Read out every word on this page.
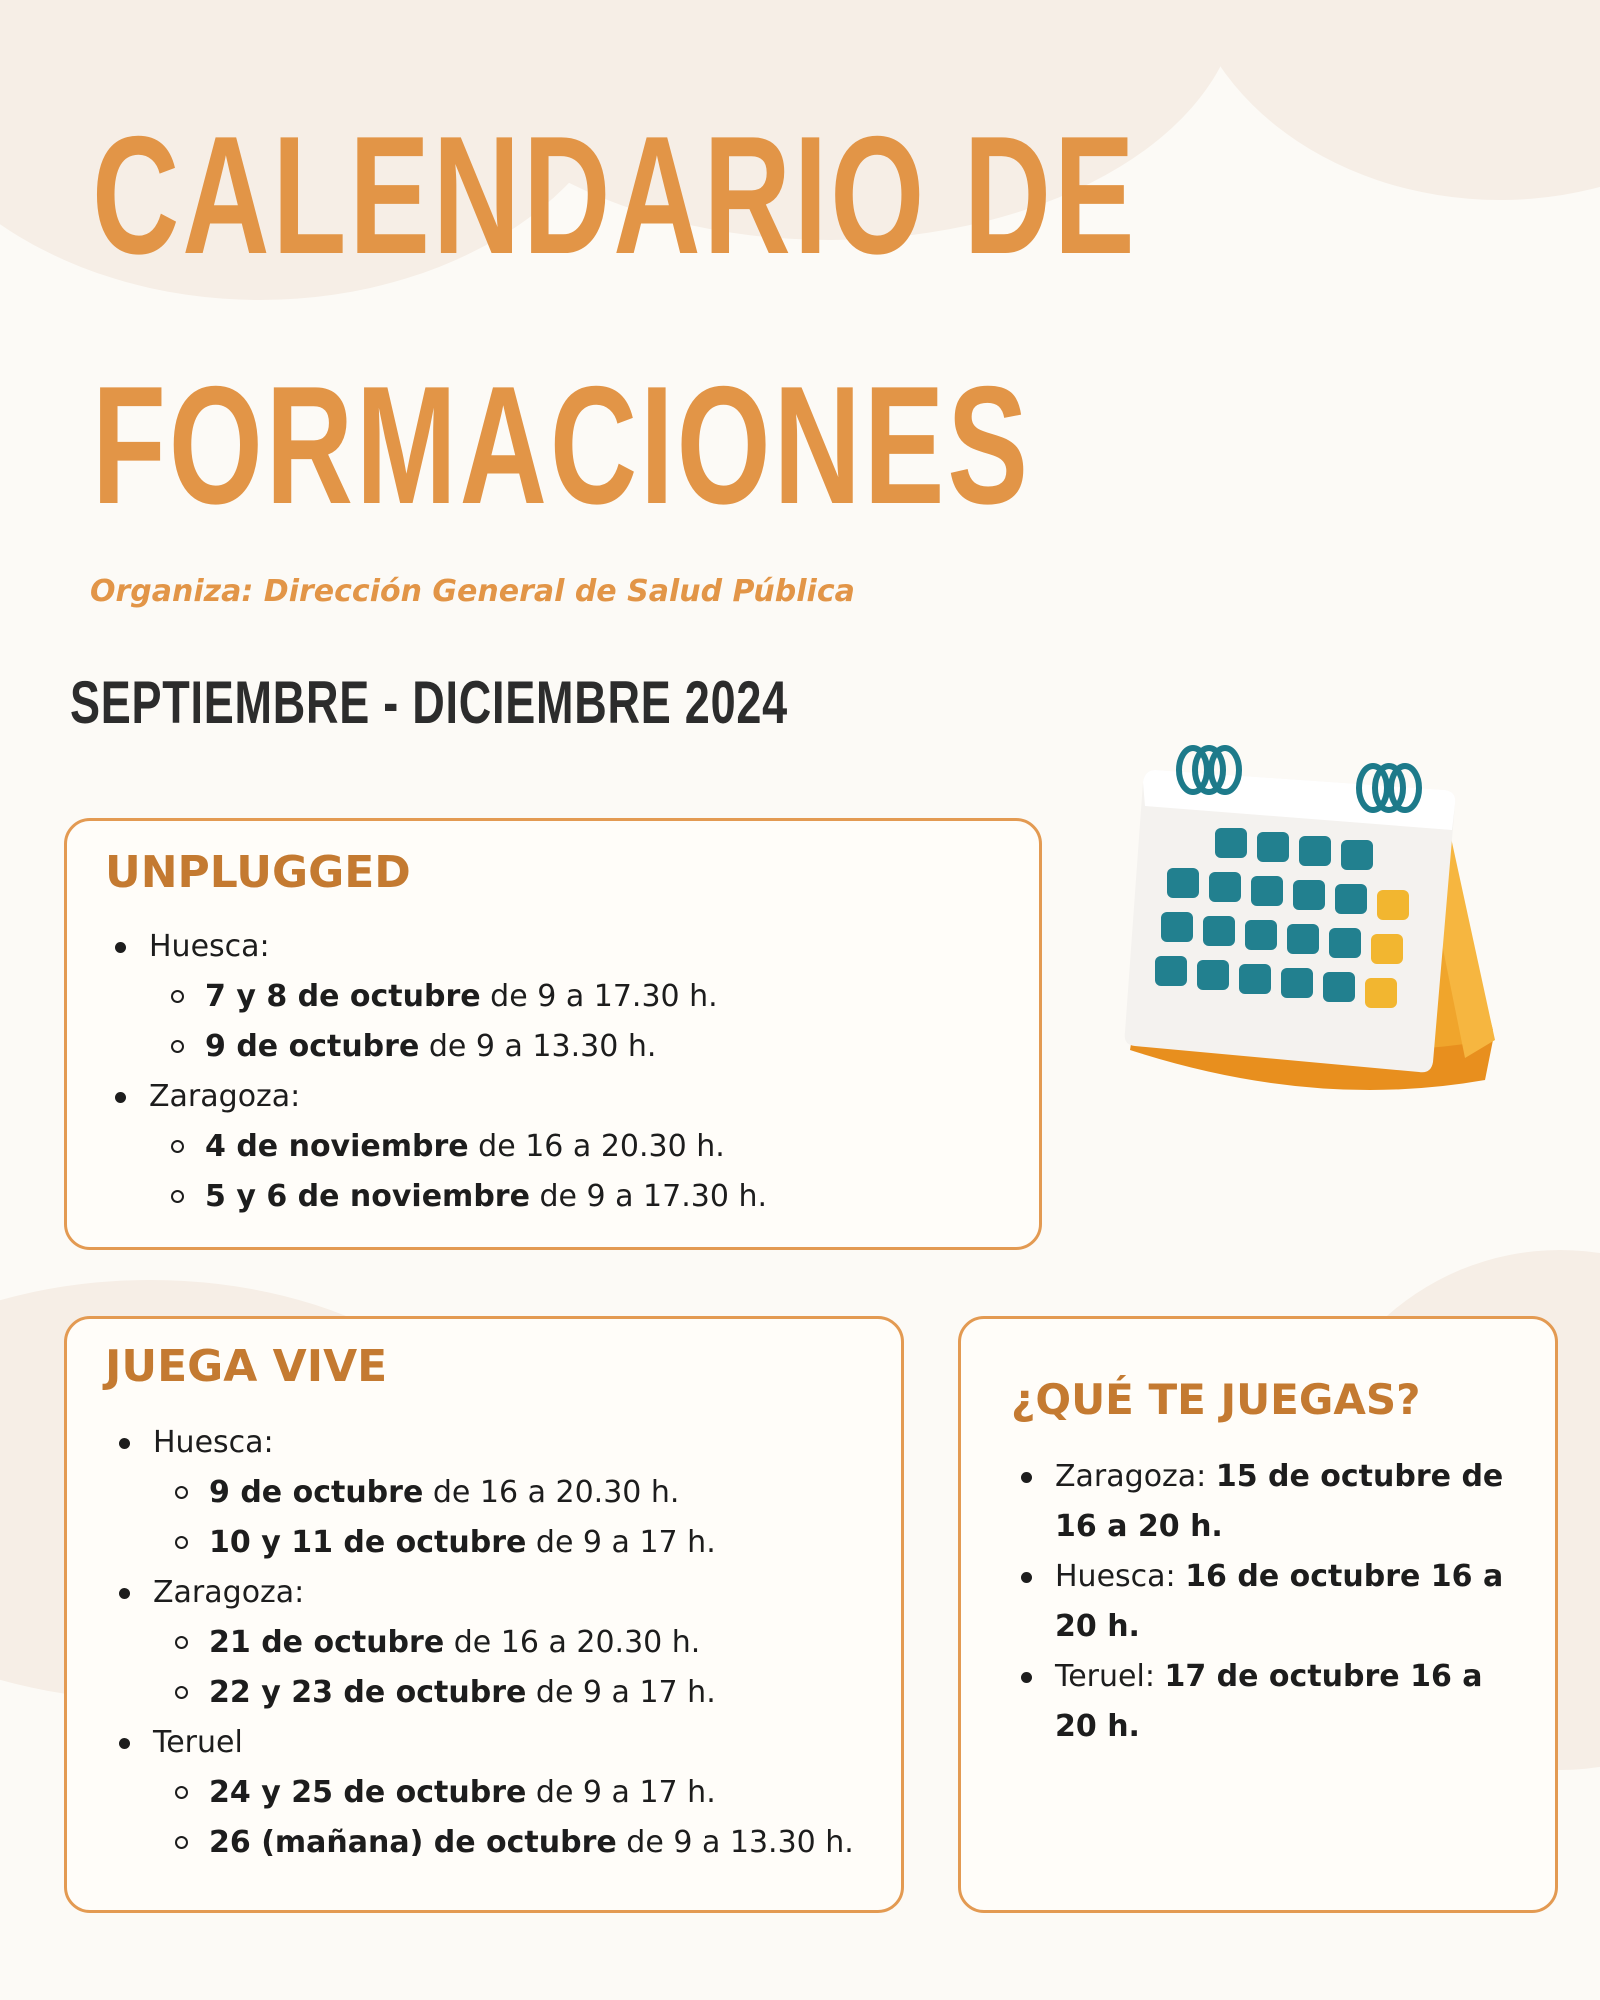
CALENDARIO DE
FORMACIONES
Organiza: Dirección General de Salud Pública
SEPTIEMBRE - DICIEMBRE 2024
UNPLUGGED
Huesca:
7 y 8 de octubre de 9 a 17.30 h.
9 de octubre de 9 a 13.30 h.
Zaragoza:
4 de noviembre de 16 a 20.30 h.
5 y 6 de noviembre de 9 a 17.30 h.
JUEGA VIVE
Huesca:
9 de octubre de 16 a 20.30 h.
10 y 11 de octubre de 9 a 17 h.
Zaragoza:
21 de octubre de 16 a 20.30 h.
22 y 23 de octubre de 9 a 17 h.
Teruel
24 y 25 de octubre de 9 a 17 h.
26 (mañana) de octubre de 9 a 13.30 h.
¿QUÉ TE JUEGAS?
Zaragoza: 15 de octubre de 16 a 20 h.
Huesca: 16 de octubre 16 a 20 h.
Teruel: 17 de octubre 16 a 20 h.
